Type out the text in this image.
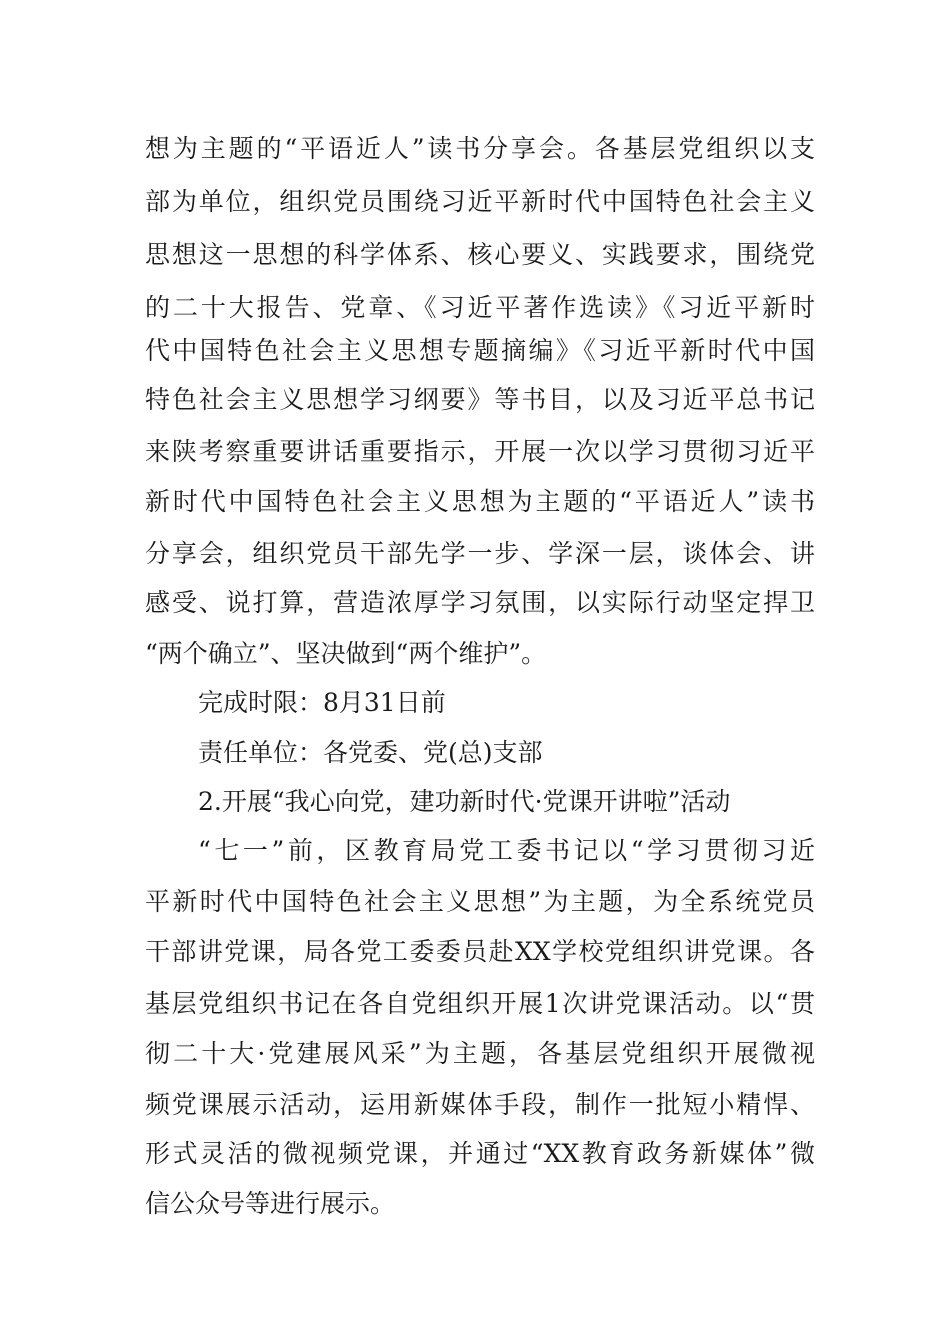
想为主题的“平语近人”读书分享会。各基层党组织以支
部为单位，组织党员围绕习近平新时代中国特色社会主义
思想这一思想的科学体系、核心要义、实践要求，围绕党
的二十大报告、党章、《习近平著作选读》《习近平新时
代中国特色社会主义思想专题摘编》《习近平新时代中国
特色社会主义思想学习纲要》等书目，以及习近平总书记
来陕考察重要讲话重要指示，开展一次以学习贯彻习近平
新时代中国特色社会主义思想为主题的“平语近人”读书
分享会，组织党员干部先学一步、学深一层，谈体会、讲
感受、说打算，营造浓厚学习氛围，以实际行动坚定捍卫
“两个确立”、坚决做到“两个维护”。
完成时限：8月31日前
责任单位：各党委、党(总)支部
2.开展“我心向党，建功新时代·党课开讲啦”活动
“七一”前，区教育局党工委书记以“学习贯彻习近
平新时代中国特色社会主义思想”为主题，为全系统党员
干部讲党课，局各党工委委员赴XX学校党组织讲党课。各
基层党组织书记在各自党组织开展1次讲党课活动。以“贯
彻二十大·党建展风采”为主题，各基层党组织开展微视
频党课展示活动，运用新媒体手段，制作一批短小精悍、
形式灵活的微视频党课，并通过“XX教育政务新媒体”微
信公众号等进行展示。
